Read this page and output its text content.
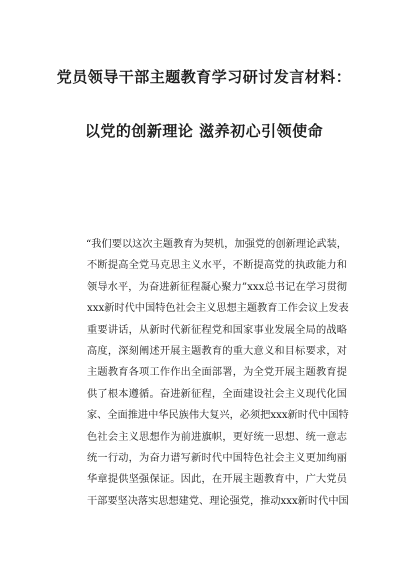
党员领导干部主题教育学习研讨发言材料：
以党的创新理论 滋养初心引领使命
“我们要以这次主题教育为契机，加强党的创新理论武装，
不断提高全党马克思主义水平，不断提高党的执政能力和
领导水平，为奋进新征程凝心聚力”xxx总书记在学习贯彻
xxx新时代中国特色社会主义思想主题教育工作会议上发表
重要讲话，从新时代新征程党和国家事业发展全局的战略
高度，深刻阐述开展主题教育的重大意义和目标要求，对
主题教育各项工作作出全面部署，为全党开展主题教育提
供了根本遵循。奋进新征程，全面建设社会主义现代化国
家、全面推进中华民族伟大复兴，必须把xxx新时代中国特
色社会主义思想作为前进旗帜，更好统一思想、统一意志
统一行动，为奋力谱写新时代中国特色社会主义更加绚丽
华章提供坚强保证。因此，在开展主题教育中，广大党员
干部要坚决落实思想建党、理论强党，推动xxx新时代中国
